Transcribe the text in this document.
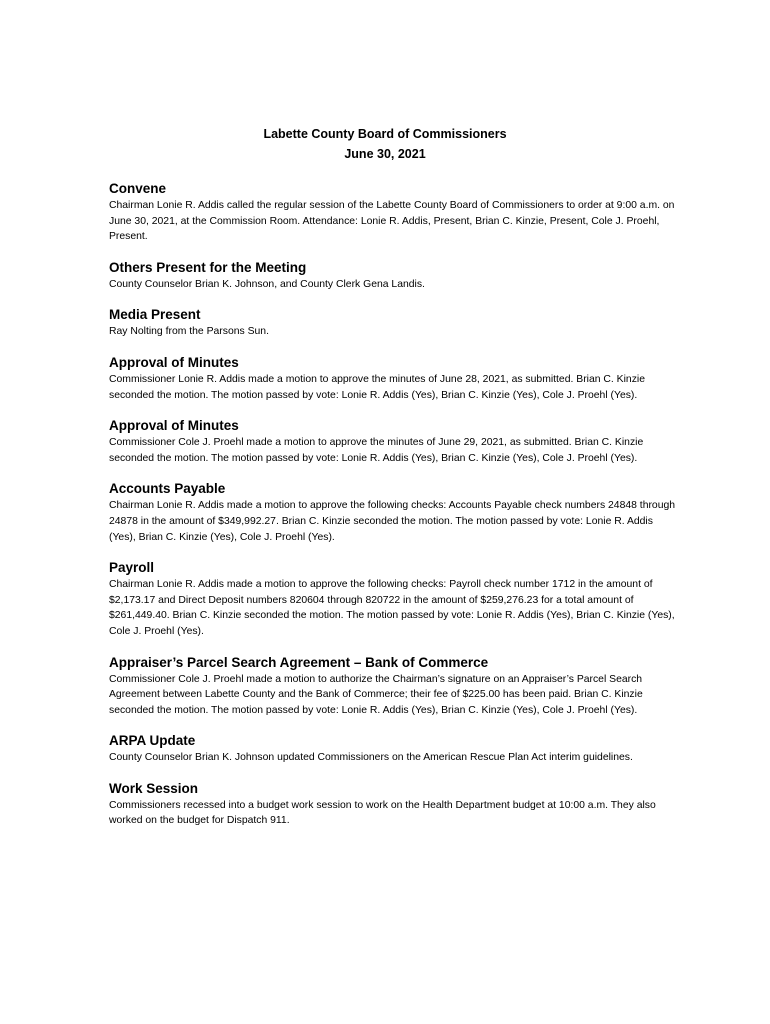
Labette County Board of Commissioners
June 30, 2021

Convene

Chairman Lonie R. Addis called the regular session of the Labette County Board of Commissioners to order at 9:00 a.m. on June 30, 2021, at the Commission Room. Attendance: Lonie R. Addis, Present, Brian C. Kinzie, Present, Cole J. Proehl, Present.

Others Present for the Meeting

County Counselor Brian K. Johnson, and County Clerk Gena Landis.

Media Present

Ray Nolting from the Parsons Sun.

Approval of Minutes

Commissioner Lonie R. Addis made a motion to approve the minutes of June 28, 2021, as submitted. Brian C. Kinzie seconded the motion. The motion passed by vote: Lonie R. Addis (Yes), Brian C. Kinzie (Yes), Cole J. Proehl (Yes).

Approval of Minutes

Commissioner Cole J. Proehl made a motion to approve the minutes of June 29, 2021, as submitted. Brian C. Kinzie seconded the motion. The motion passed by vote: Lonie R. Addis (Yes), Brian C. Kinzie (Yes), Cole J. Proehl (Yes).

Accounts Payable

Chairman Lonie R. Addis made a motion to approve the following checks: Accounts Payable check numbers 24848 through 24878 in the amount of $349,992.27. Brian C. Kinzie seconded the motion. The motion passed by vote: Lonie R. Addis (Yes), Brian C. Kinzie (Yes), Cole J. Proehl (Yes).

Payroll

Chairman Lonie R. Addis made a motion to approve the following checks: Payroll check number 1712 in the amount of $2,173.17 and Direct Deposit numbers 820604 through 820722 in the amount of $259,276.23 for a total amount of $261,449.40. Brian C. Kinzie seconded the motion. The motion passed by vote: Lonie R. Addis (Yes), Brian C. Kinzie (Yes), Cole J. Proehl (Yes).

Appraiser’s Parcel Search Agreement – Bank of Commerce

Commissioner Cole J. Proehl made a motion to authorize the Chairman’s signature on an Appraiser’s Parcel Search Agreement between Labette County and the Bank of Commerce; their fee of $225.00 has been paid. Brian C. Kinzie seconded the motion. The motion passed by vote: Lonie R. Addis (Yes), Brian C. Kinzie (Yes), Cole J. Proehl (Yes).

ARPA Update

County Counselor Brian K. Johnson updated Commissioners on the American Rescue Plan Act interim guidelines.

Work Session

Commissioners recessed into a budget work session to work on the Health Department budget at 10:00 a.m. They also worked on the budget for Dispatch 911.
